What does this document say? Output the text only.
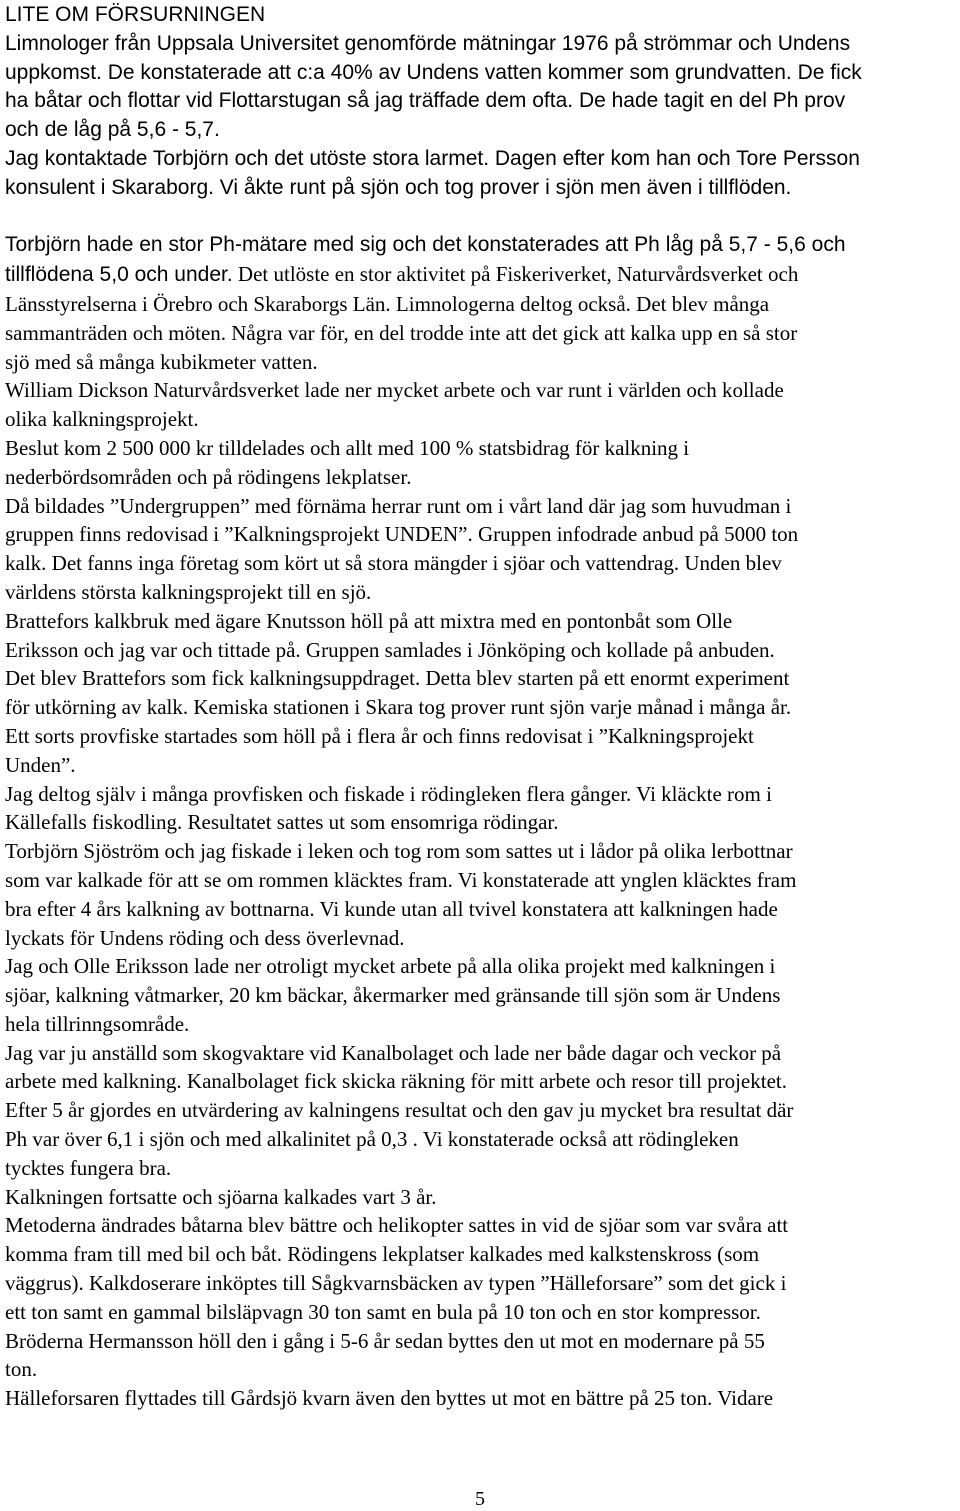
LITE OM FÖRSURNINGEN
Limnologer från Uppsala Universitet genomförde mätningar 1976 på strömmar och Undens
uppkomst. De konstaterade att c:a 40% av Undens vatten kommer som grundvatten. De fick
ha båtar och flottar vid Flottarstugan så jag träffade dem ofta. De hade tagit en del Ph prov
och de låg på 5,6 - 5,7.
Jag kontaktade Torbjörn och det utöste stora larmet. Dagen efter kom han och Tore Persson
konsulent i Skaraborg. Vi åkte runt på sjön och tog prover i sjön men även i tillflöden.
Torbjörn hade en stor Ph-mätare med sig och det konstaterades att Ph låg på 5,7 - 5,6 och
tillflödena 5,0 och under. Det utlöste en stor aktivitet på Fiskeriverket, Naturvårdsverket och
Länsstyrelserna i Örebro och Skaraborgs Län. Limnologerna deltog också. Det blev många
sammanträden och möten. Några var för, en del trodde inte att det gick att kalka upp en så stor
sjö med så många kubikmeter vatten.
William Dickson Naturvårdsverket lade ner mycket arbete och var runt i världen och kollade
olika kalkningsprojekt.
Beslut kom 2 500 000 kr tilldelades och allt med 100 % statsbidrag för kalkning i
nederbördsområden och på rödingens lekplatser.
Då bildades ”Undergruppen” med förnäma herrar runt om i vårt land där jag som huvudman i
gruppen finns redovisad i ”Kalkningsprojekt UNDEN”. Gruppen infodrade anbud på 5000 ton
kalk. Det fanns inga företag som kört ut så stora mängder i sjöar och vattendrag. Unden blev
världens största kalkningsprojekt till en sjö.
Brattefors kalkbruk med ägare Knutsson höll på att mixtra med en pontonbåt som Olle
Eriksson och jag var och tittade på. Gruppen samlades i Jönköping och kollade på anbuden.
Det blev Brattefors som fick kalkningsuppdraget. Detta blev starten på ett enormt experiment
för utkörning av kalk. Kemiska stationen i Skara tog prover runt sjön varje månad i många år.
Ett sorts provfiske startades som höll på i flera år och finns redovisat i ”Kalkningsprojekt
Unden”.
Jag deltog själv i många provfisken och fiskade i rödingleken flera gånger. Vi kläckte rom i
Källefalls fiskodling. Resultatet sattes ut som ensomriga rödingar.
Torbjörn Sjöström och jag fiskade i leken och tog rom som sattes ut i lådor på olika lerbottnar
som var kalkade för att se om rommen kläcktes fram. Vi konstaterade att ynglen kläcktes fram
bra efter 4 års kalkning av bottnarna. Vi kunde utan all tvivel konstatera att kalkningen hade
lyckats för Undens röding och dess överlevnad.
Jag och Olle Eriksson lade ner otroligt mycket arbete på alla olika projekt med kalkningen i
sjöar, kalkning våtmarker, 20 km bäckar, åkermarker med gränsande till sjön som är Undens
hela tillrinngsområde.
Jag var ju anställd som skogvaktare vid Kanalbolaget och lade ner både dagar och veckor på
arbete med kalkning. Kanalbolaget fick skicka räkning för mitt arbete och resor till projektet.
Efter 5 år gjordes en utvärdering av kalningens resultat och den gav ju mycket bra resultat där
Ph var över 6,1 i sjön och med alkalinitet på 0,3 . Vi konstaterade också att rödingleken
tycktes fungera bra.
Kalkningen fortsatte och sjöarna kalkades vart 3 år.
Metoderna ändrades båtarna blev bättre och helikopter sattes in vid de sjöar som var svåra att
komma fram till med bil och båt. Rödingens lekplatser kalkades med kalkstenskross (som
väggrus). Kalkdoserare inköptes till Sågkvarnsbäcken av typen ”Hälleforsare” som det gick i
ett ton samt en gammal bilsläpvagn 30 ton samt en bula på 10 ton och en stor kompressor.
Bröderna Hermansson höll den i gång i 5-6 år sedan byttes den ut mot en modernare på 55
ton.
Hälleforsaren flyttades till Gårdsjö kvarn även den byttes ut mot en bättre på 25 ton. Vidare
5
